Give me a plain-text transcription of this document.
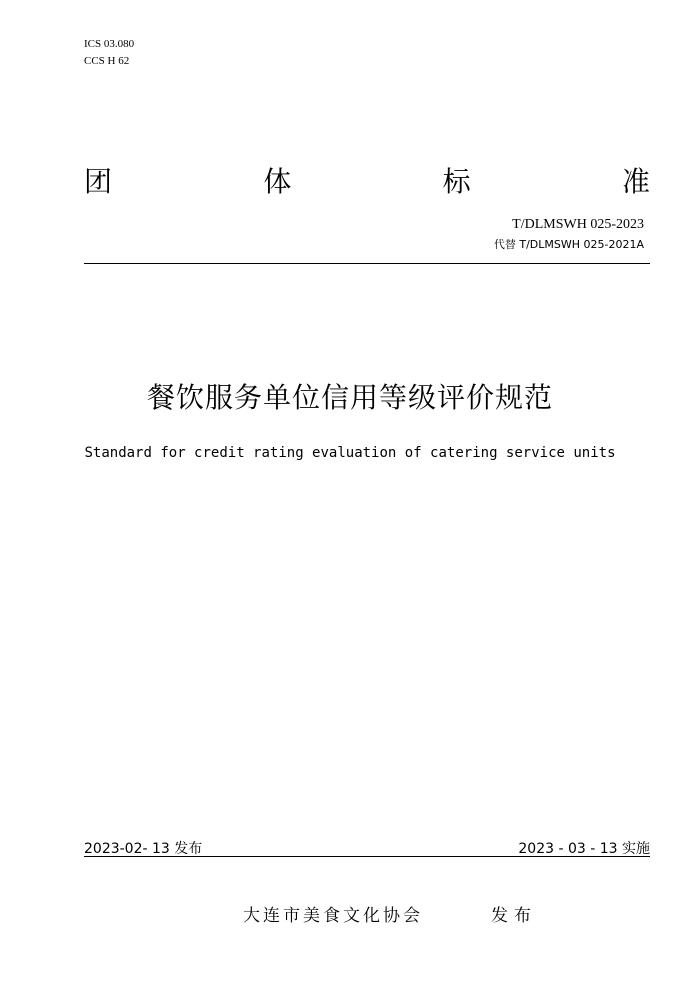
ICS 03.080
CCS H 62
团	体	标	准
T/DLMSWH 025-2023
代替 T/DLMSWH 025-2021A
餐饮服务单位信用等级评价规范
Standard for credit rating evaluation of catering service units
2023-02- 13 发布	2023 - 03 - 13 实施
大连市美食文化协会	发布
